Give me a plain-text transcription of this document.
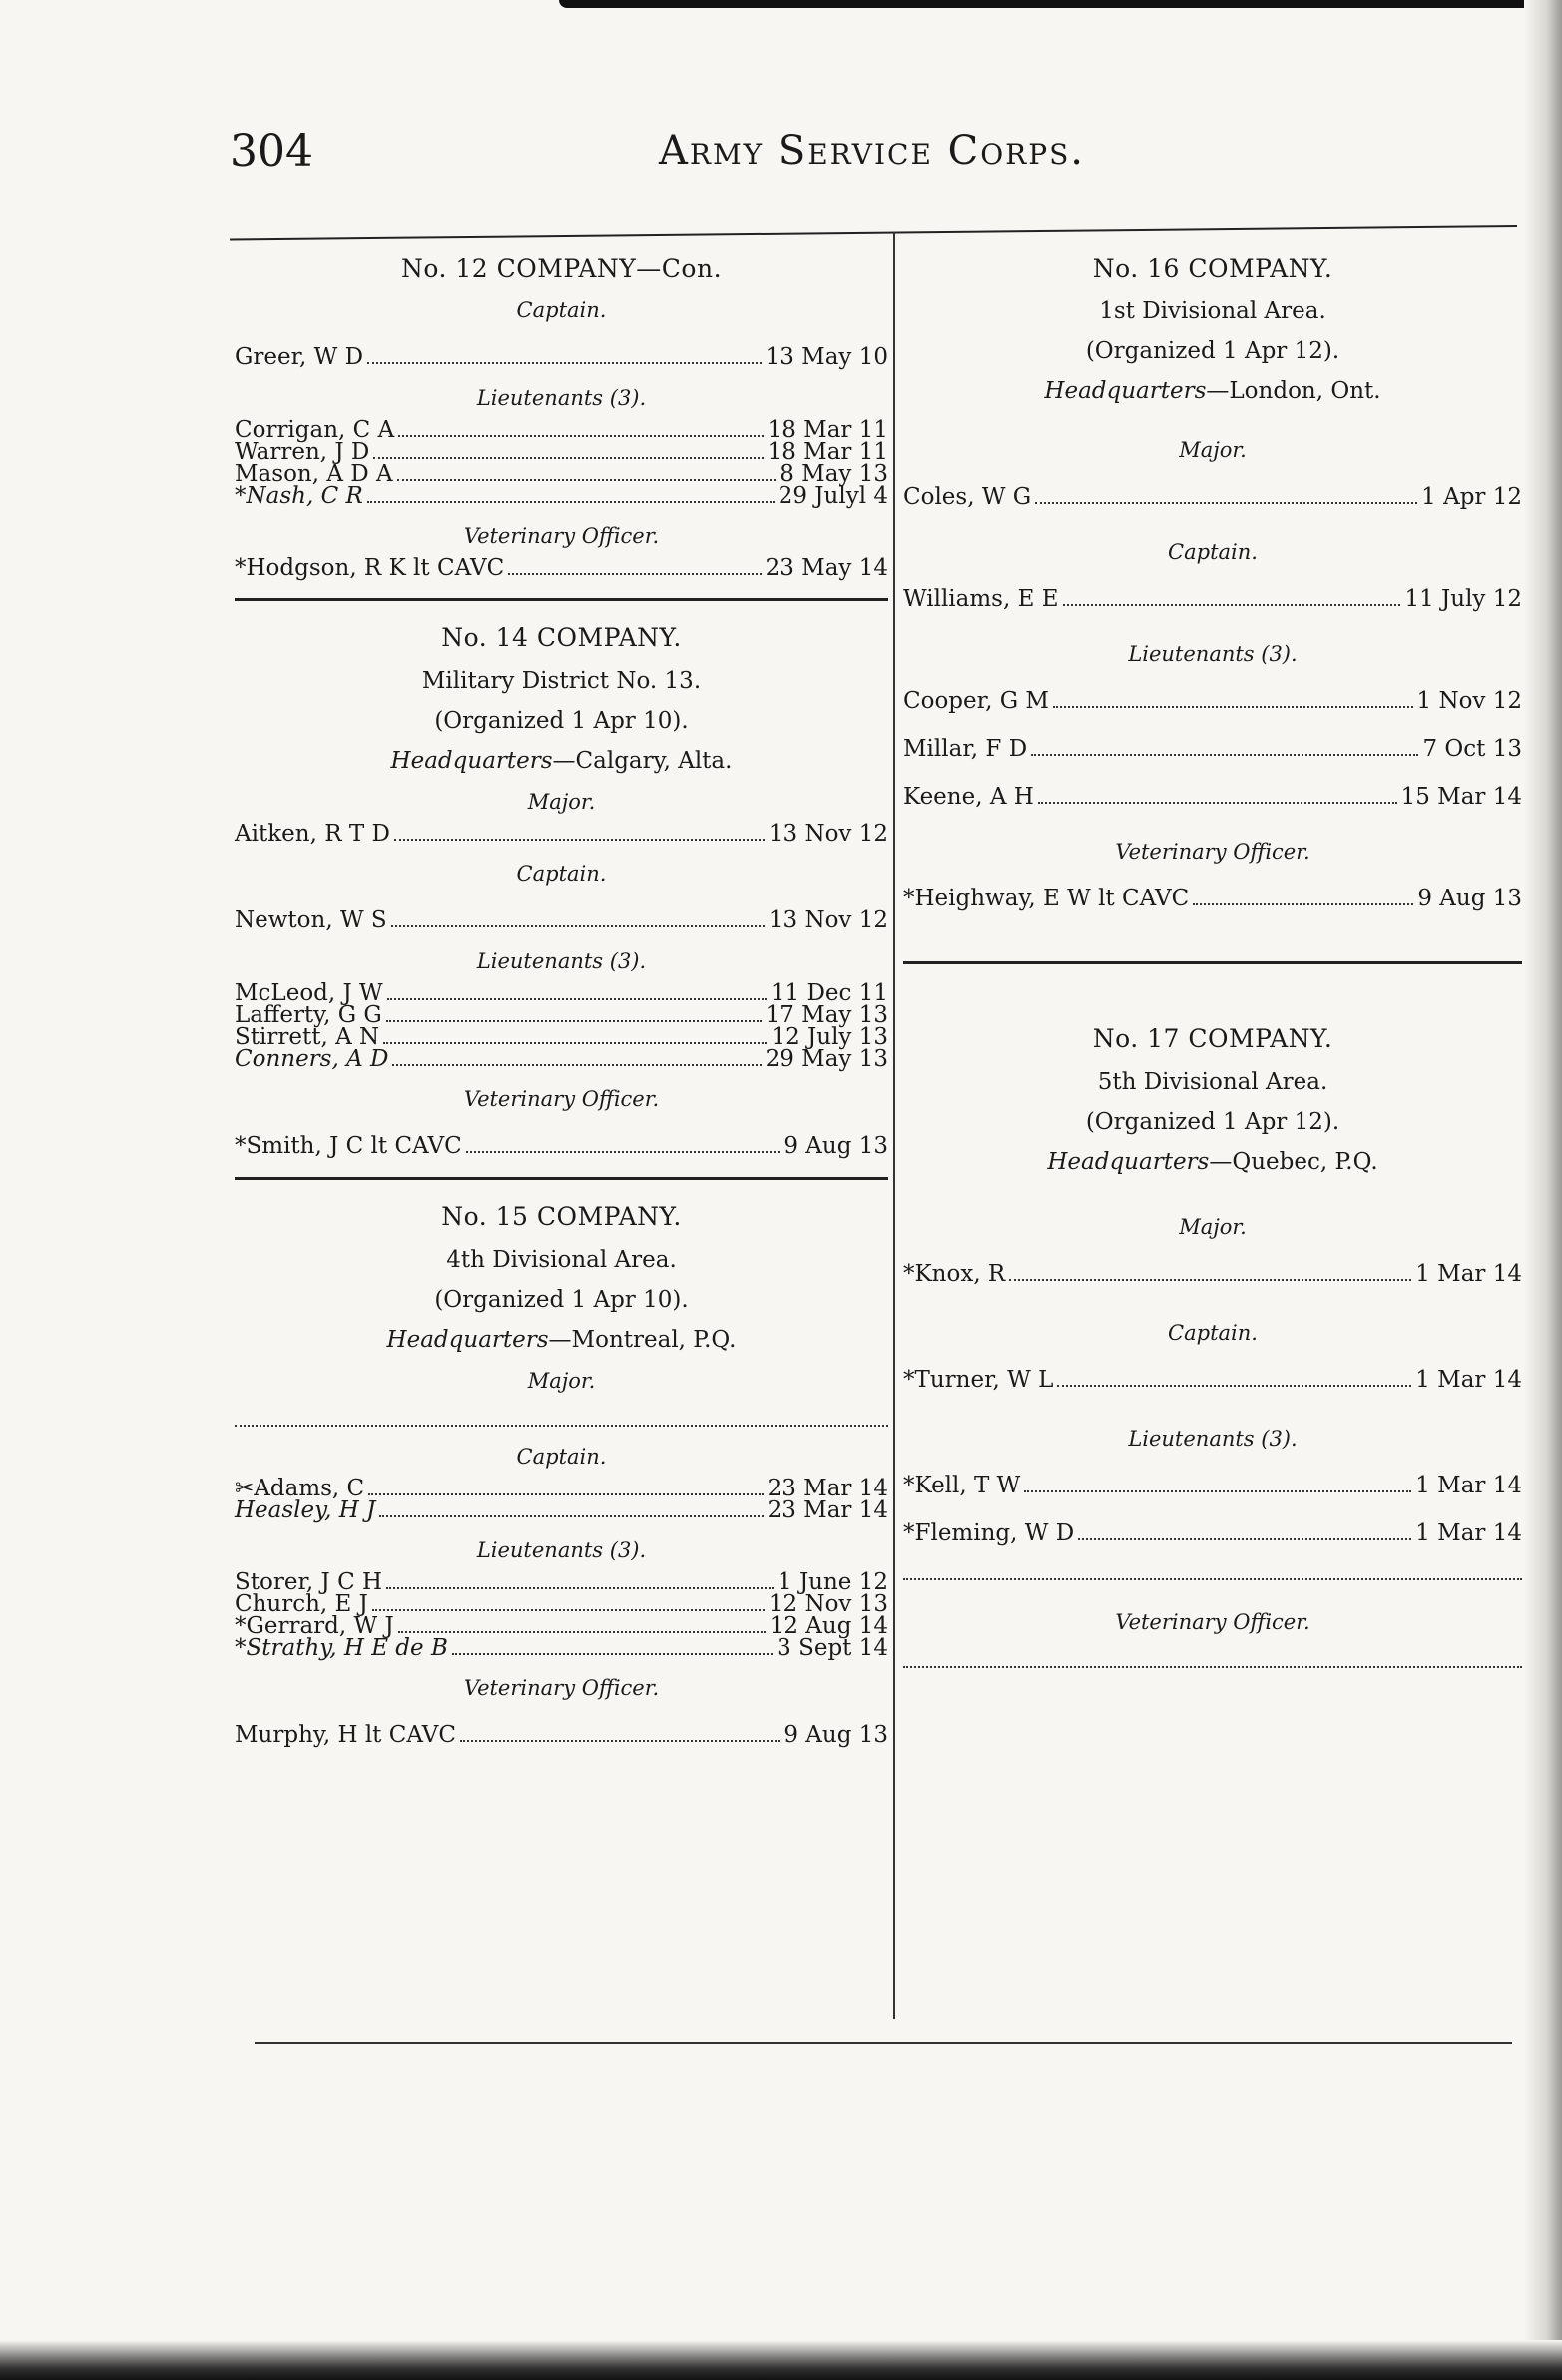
304	Army Service Corps.
No. 12 COMPANY—Con.
Captain.
Greer, W D	13 May 10
Lieutenants (3).
Corrigan, C A	18 Mar 11
Warren, J D	18 Mar 11
Mason, A D A	8 May 13
*Nash, C R	29 Julyl 4
Veterinary Officer.
*Hodgson, R K lt CAVC	23 May 14
No. 14 COMPANY.
Military District No. 13.
(Organized 1 Apr 10).
Headquarters—Calgary, Alta.
Major.
Aitken, R T D	13 Nov 12
Captain.
Newton, W S	13 Nov 12
Lieutenants (3).
McLeod, J W	11 Dec 11
Lafferty, G G	17 May 13
Stirrett, A N	12 July 13
Conners, A D	29 May 13
Veterinary Officer.
*Smith, J C lt CAVC	9 Aug 13
No. 15 COMPANY.
4th Divisional Area.
(Organized 1 Apr 10).
Headquarters—Montreal, P.Q.
Major.
Captain.
✂Adams, C	23 Mar 14
Heasley, H J	23 Mar 14
Lieutenants (3).
Storer, J C H	1 June 12
Church, E J	12 Nov 13
*Gerrard, W J	12 Aug 14
*Strathy, H E de B	3 Sept 14
Veterinary Officer.
Murphy, H lt CAVC	9 Aug 13
No. 16 COMPANY.
1st Divisional Area.
(Organized 1 Apr 12).
Headquarters—London, Ont.
Major.
Coles, W G	1 Apr 12
Captain.
Williams, E E	11 July 12
Lieutenants (3).
Cooper, G M	1 Nov 12
Millar, F D	7 Oct 13
Keene, A H	15 Mar 14
Veterinary Officer.
*Heighway, E W lt CAVC	9 Aug 13
No. 17 COMPANY.
5th Divisional Area.
(Organized 1 Apr 12).
Headquarters—Quebec, P.Q.
Major.
*Knox, R	1 Mar 14
Captain.
*Turner, W L	1 Mar 14
Lieutenants (3).
*Kell, T W	1 Mar 14
*Fleming, W D	1 Mar 14
Veterinary Officer.
